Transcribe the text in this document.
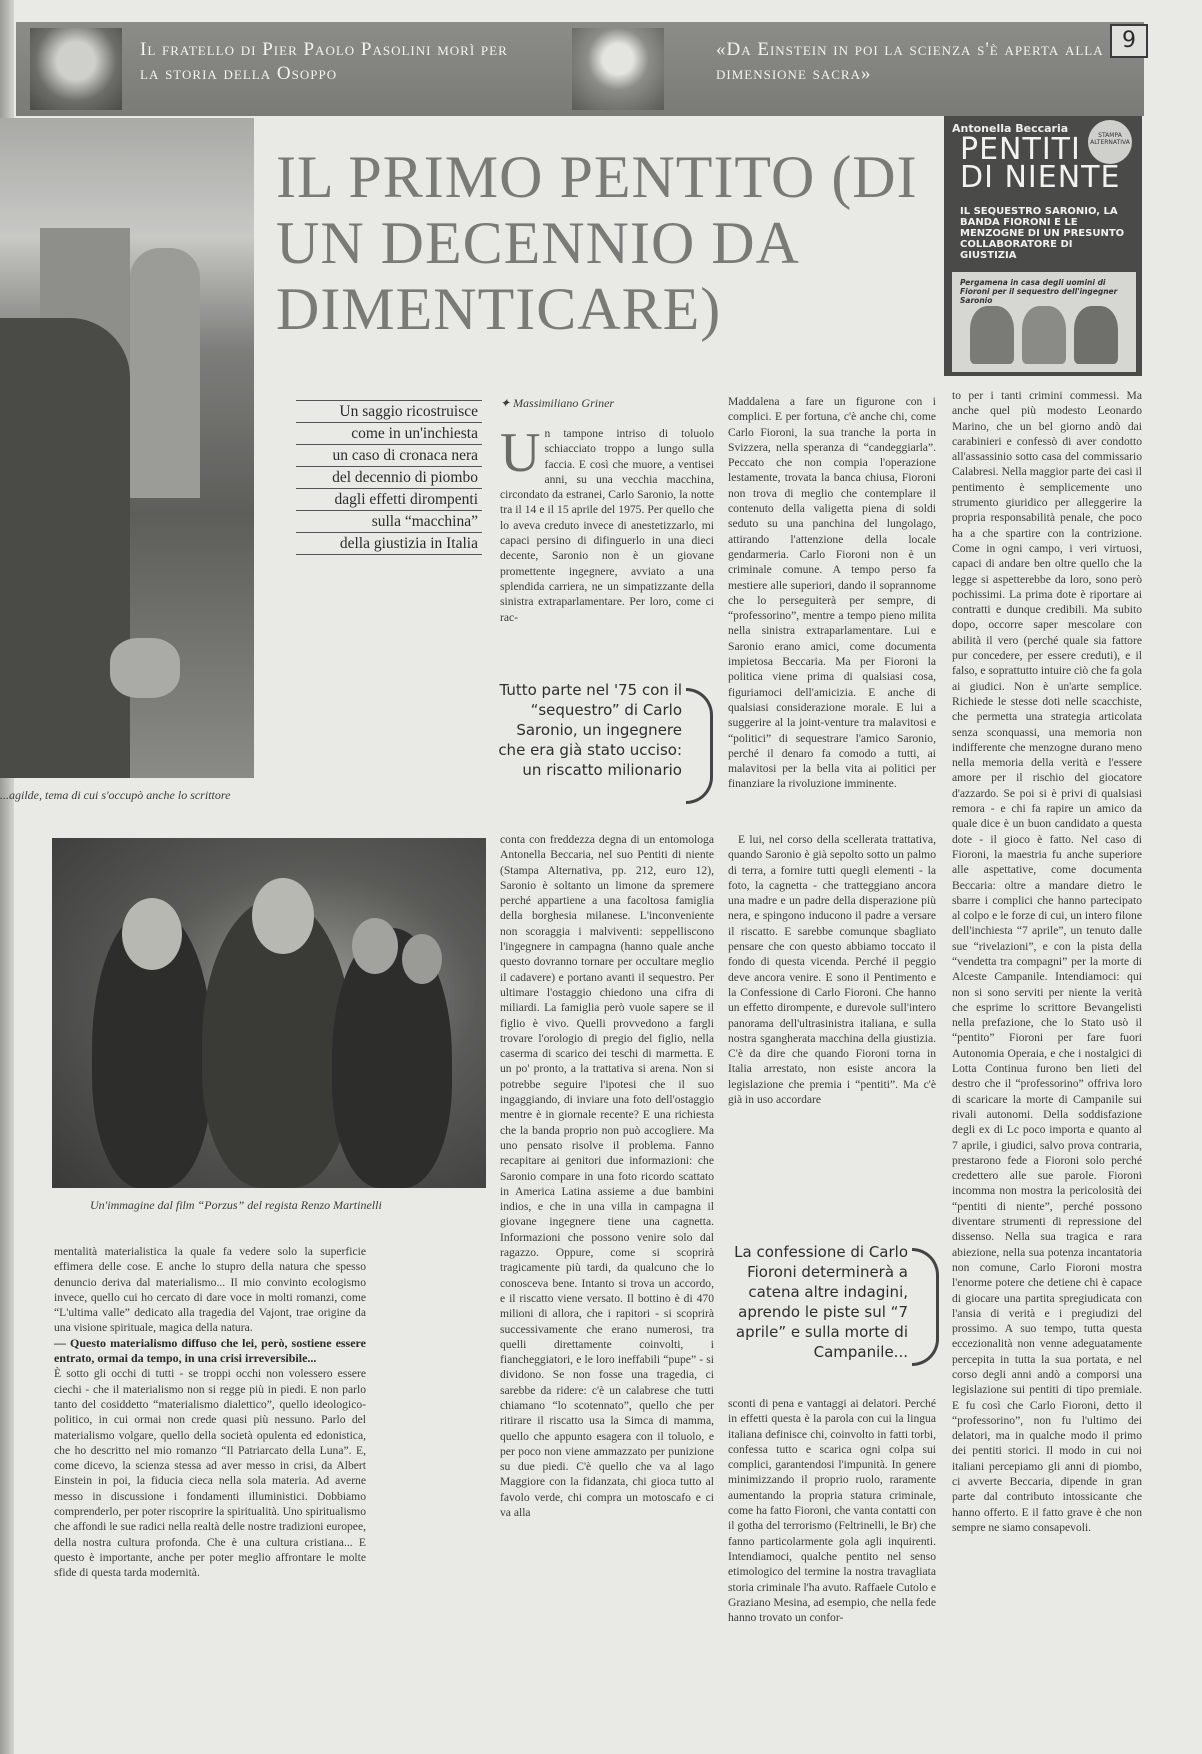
Il fratello di Pier Paolo Pasolini morì per la storia della Osoppo
«Da Einstein in poi la scienza s'è aperta alla dimensione sacra»
9
...agilde, tema di cui s'occupò anche lo scrittore
Un'immagine dal film “Porzus” del regista Renzo Martinelli
IL PRIMO PENTITO (DI UN DECENNIO DA DIMENTICARE)
Antonella Beccaria
STAMPA ALTERNATIVA
PENTITI
DI NIENTE
IL SEQUESTRO SARONIO, LA BANDA FIORONI E LE MENZOGNE DI UN PRESUNTO COLLABORATORE DI GIUSTIZIA
Pergamena in casa degli uomini di Fioroni per il sequestro dell'ingegner Saronio
Un saggio ricostruisce
come in un'inchiesta
un caso di cronaca nera
del decennio di piombo
dagli effetti dirompenti
sulla “macchina”
della giustizia in Italia
✦ Massimiliano Griner

mentalità materialistica la quale fa vedere solo la superficie effimera delle cose. E anche lo stupro della natura che spesso denuncio deriva dal materialismo... Il mio convinto ecologismo invece, quello cui ho cercato di dare voce in molti romanzi, come “L'ultima valle” dedicato alla tragedia del Vajont, trae origine da una visione spirituale, magica della natura.

— Questo materialismo diffuso che lei, però, sostiene essere entrato, ormai da tempo, in una crisi irreversibile...

È sotto gli occhi di tutti - se troppi occhi non volessero essere ciechi - che il materialismo non si regge più in piedi. E non parlo tanto del cosiddetto “materialismo dialettico”, quello ideologico-politico, in cui ormai non crede quasi più nessuno. Parlo del materialismo volgare, quello della società opulenta ed edonistica, che ho descritto nel mio romanzo “Il Patriarcato della Luna”. E, come dicevo, la scienza stessa ad aver messo in crisi, da Albert Einstein in poi, la fiducia cieca nella sola materia. Ad averne messo in discussione i fondamenti illuministici. Dobbiamo comprenderlo, per poter riscoprire la spiritualità. Uno spiritualismo che affondi le sue radici nella realtà delle nostre tradizioni europee, della nostra cultura profonda. Che è una cultura cristiana... E questo è importante, anche per poter meglio affrontare le molte sfide di questa tarda modernità.

Un tampone intriso di toluolo schiacciato troppo a lungo sulla faccia. E così che muore, a ventisei anni, su una vecchia macchina, circondato da estranei, Carlo Saronio, la notte tra il 14 e il 15 aprile del 1975. Per quello che lo aveva creduto invece di anestetizzarlo, mi capaci persino di difinguerlo in una dieci decente, Saronio non è un giovane promettente ingegnere, avviato a una splendida carriera, ne un simpatizzante della sinistra extraparlamentare. Per loro, come ci rac-

conta con freddezza degna di un entomologa Antonella Beccaria, nel suo Pentiti di niente (Stampa Alternativa, pp. 212, euro 12), Saronio è soltanto un limone da spremere perché appartiene a una facoltosa famiglia della borghesia milanese. L'inconveniente non scoraggia i malviventi: seppelliscono l'ingegnere in campagna (hanno quale anche questo dovranno tornare per occultare meglio il cadavere) e portano avanti il sequestro. Per ultimare l'ostaggio chiedono una cifra di miliardi. La famiglia però vuole sapere se il figlio è vivo. Quelli provvedono a fargli trovare l'orologio di pregio del figlio, nella caserma di scarico dei teschi di marmetta. E un po' pronto, a la trattativa si arena. Non si potrebbe seguire l'ipotesi che il suo ingaggiando, di inviare una foto dell'ostaggio mentre è in giornale recente? E una richiesta che la banda proprio non può accogliere. Ma uno pensato risolve il problema. Fanno recapitare ai genitori due informazioni: che Saronio compare in una foto ricordo scattato in America Latina assieme a due bambini indios, e che in una villa in campagna il giovane ingegnere tiene una cagnetta. Informazioni che possono venire solo dal ragazzo. Oppure, come si scoprirà tragicamente più tardi, da qualcuno che lo conosceva bene. Intanto si trova un accordo, e il riscatto viene versato. Il bottino è di 470 milioni di allora, che i rapitori - si scoprirà successivamente che erano numerosi, tra quelli direttamente coinvolti, i fiancheggiatori, e le loro ineffabili “pupe” - si dividono. Se non fosse una tragedia, ci sarebbe da ridere: c'è un calabrese che tutti chiamano “lo scotennato”, quello che per ritirare il riscatto usa la Simca di mamma, quello che appunto esagera con il toluolo, e per poco non viene ammazzato per punizione su due piedi. C'è quello che va al lago Maggiore con la fidanzata, chi gioca tutto al favolo verde, chi compra un motoscafo e ci va alla

Tutto parte nel '75 con il “sequestro” di Carlo Saronio, un ingegnere che era già stato ucciso: un riscatto milionario

Maddalena a fare un figurone con i complici. E per fortuna, c'è anche chi, come Carlo Fioroni, la sua tranche la porta in Svizzera, nella speranza di “candeggiarla”. Peccato che non compia l'operazione lestamente, trovata la banca chiusa, Fioroni non trova di meglio che contemplare il contenuto della valigetta piena di soldi seduto su una panchina del lungolago, attirando l'attenzione della locale gendarmeria. Carlo Fioroni non è un criminale comune. A tempo perso fa mestiere alle superiori, dando il soprannome che lo perseguiterà per sempre, di “professorino”, mentre a tempo pieno milita nella sinistra extraparlamentare. Lui e Saronio erano amici, come documenta impietosa Beccaria. Ma per Fioroni la politica viene prima di qualsiasi cosa, figuriamoci dell'amicizia. E anche di qualsiasi considerazione morale. E lui a suggerire al la joint-venture tra malavitosi e “politici” di sequestrare l'amico Saronio, perché il denaro fa comodo a tutti, ai malavitosi per la bella vita ai politici per finanziare la rivoluzione imminente.

E lui, nel corso della scellerata trattativa, quando Saronio è già sepolto sotto un palmo di terra, a fornire tutti quegli elementi - la foto, la cagnetta - che tratteggiano ancora una madre e un padre della disperazione più nera, e spingono inducono il padre a versare il riscatto. E sarebbe comunque sbagliato pensare che con questo abbiamo toccato il fondo di questa vicenda. Perché il peggio deve ancora venire. E sono il Pentimento e la Confessione di Carlo Fioroni. Che hanno un effetto dirompente, e durevole sull'intero panorama dell'ultrasinistra italiana, e sulla nostra sgangherata macchina della giustizia. C'è da dire che quando Fioroni torna in Italia arrestato, non esiste ancora la legislazione che premia i “pentiti”. Ma c'è già in uso accordare

La confessione di Carlo Fioroni determinerà a catena altre indagini, aprendo le piste sul “7 aprile” e sulla morte di Campanile...

sconti di pena e vantaggi ai delatori. Perché in effetti questa è la parola con cui la lingua italiana definisce chi, coinvolto in fatti torbi, confessa tutto e scarica ogni colpa sui complici, garantendosi l'impunità. In genere minimizzando il proprio ruolo, raramente aumentando la propria statura criminale, come ha fatto Fioroni, che vanta contatti con il gotha del terrorismo (Feltrinelli, le Br) che fanno particolarmente gola agli inquirenti. Intendiamoci, qualche pentito nel senso etimologico del termine la nostra travagliata storia criminale l'ha avuto. Raffaele Cutolo e Graziano Mesina, ad esempio, che nella fede hanno trovato un confor-

to per i tanti crimini commessi. Ma anche quel più modesto Leonardo Marino, che un bel giorno andò dai carabinieri e confessò di aver condotto all'assassinio sotto casa del commissario Calabresi. Nella maggior parte dei casi il pentimento è semplicemente uno strumento giuridico per alleggerire la propria responsabilità penale, che poco ha a che spartire con la contrizione. Come in ogni campo, i veri virtuosi, capaci di andare ben oltre quello che la legge si aspetterebbe da loro, sono però pochissimi. La prima dote è riportare ai contratti e dunque credibili. Ma subito dopo, occorre saper mescolare con abilità il vero (perché quale sia fattore pur concedere, per essere creduti), e il falso, e soprattutto intuire ciò che fa gola ai giudici. Non è un'arte semplice. Richiede le stesse doti nelle scacchiste, che permetta una strategia articolata senza sconquassi, una memoria non indifferente che menzogne durano meno nella memoria della verità e l'essere amore per il rischio del giocatore d'azzardo. Se poi si è privi di qualsiasi remora - e chi fa rapire un amico da quale dice è un buon candidato a questa dote - il gioco è fatto. Nel caso di Fioroni, la maestria fu anche superiore alle aspettative, come documenta Beccaria: oltre a mandare dietro le sbarre i complici che hanno partecipato al colpo e le forze di cui, un intero filone dell'inchiesta “7 aprile”, un tenuto dalle sue “rivelazioni”, e con la pista della “vendetta tra compagni” per la morte di Alceste Campanile. Intendiamoci: qui non si sono serviti per niente la verità che esprime lo scrittore Bevangelisti nella prefazione, che lo Stato usò il “pentito” Fioroni per fare fuori Autonomia Operaia, e che i nostalgici di Lotta Continua furono ben lieti del destro che il “professorino” offriva loro di scaricare la morte di Campanile sui rivali autonomi. Della soddisfazione degli ex di Lc poco importa e quanto al 7 aprile, i giudici, salvo prova contraria, prestarono fede a Fioroni solo perché credettero alle sue parole. Fioroni incomma non mostra la pericolosità dei “pentiti di niente”, perché possono diventare strumenti di repressione del dissenso. Nella sua tragica e rara abiezione, nella sua potenza incantatoria non comune, Carlo Fioroni mostra l'enorme potere che detiene chi è capace di giocare una partita spregiudicata con l'ansia di verità e i pregiudizi del prossimo. A suo tempo, tutta questa eccezionalità non venne adeguatamente percepita in tutta la sua portata, e nel corso degli anni andò a comporsi una legislazione sui pentiti di tipo premiale. E fu così che Carlo Fioroni, detto il “professorino”, non fu l'ultimo dei delatori, ma in qualche modo il primo dei pentiti storici. Il modo in cui noi italiani percepiamo gli anni di piombo, ci avverte Beccaria, dipende in gran parte dal contributo intossicante che hanno offerto. E il fatto grave è che non sempre ne siamo consapevoli.
